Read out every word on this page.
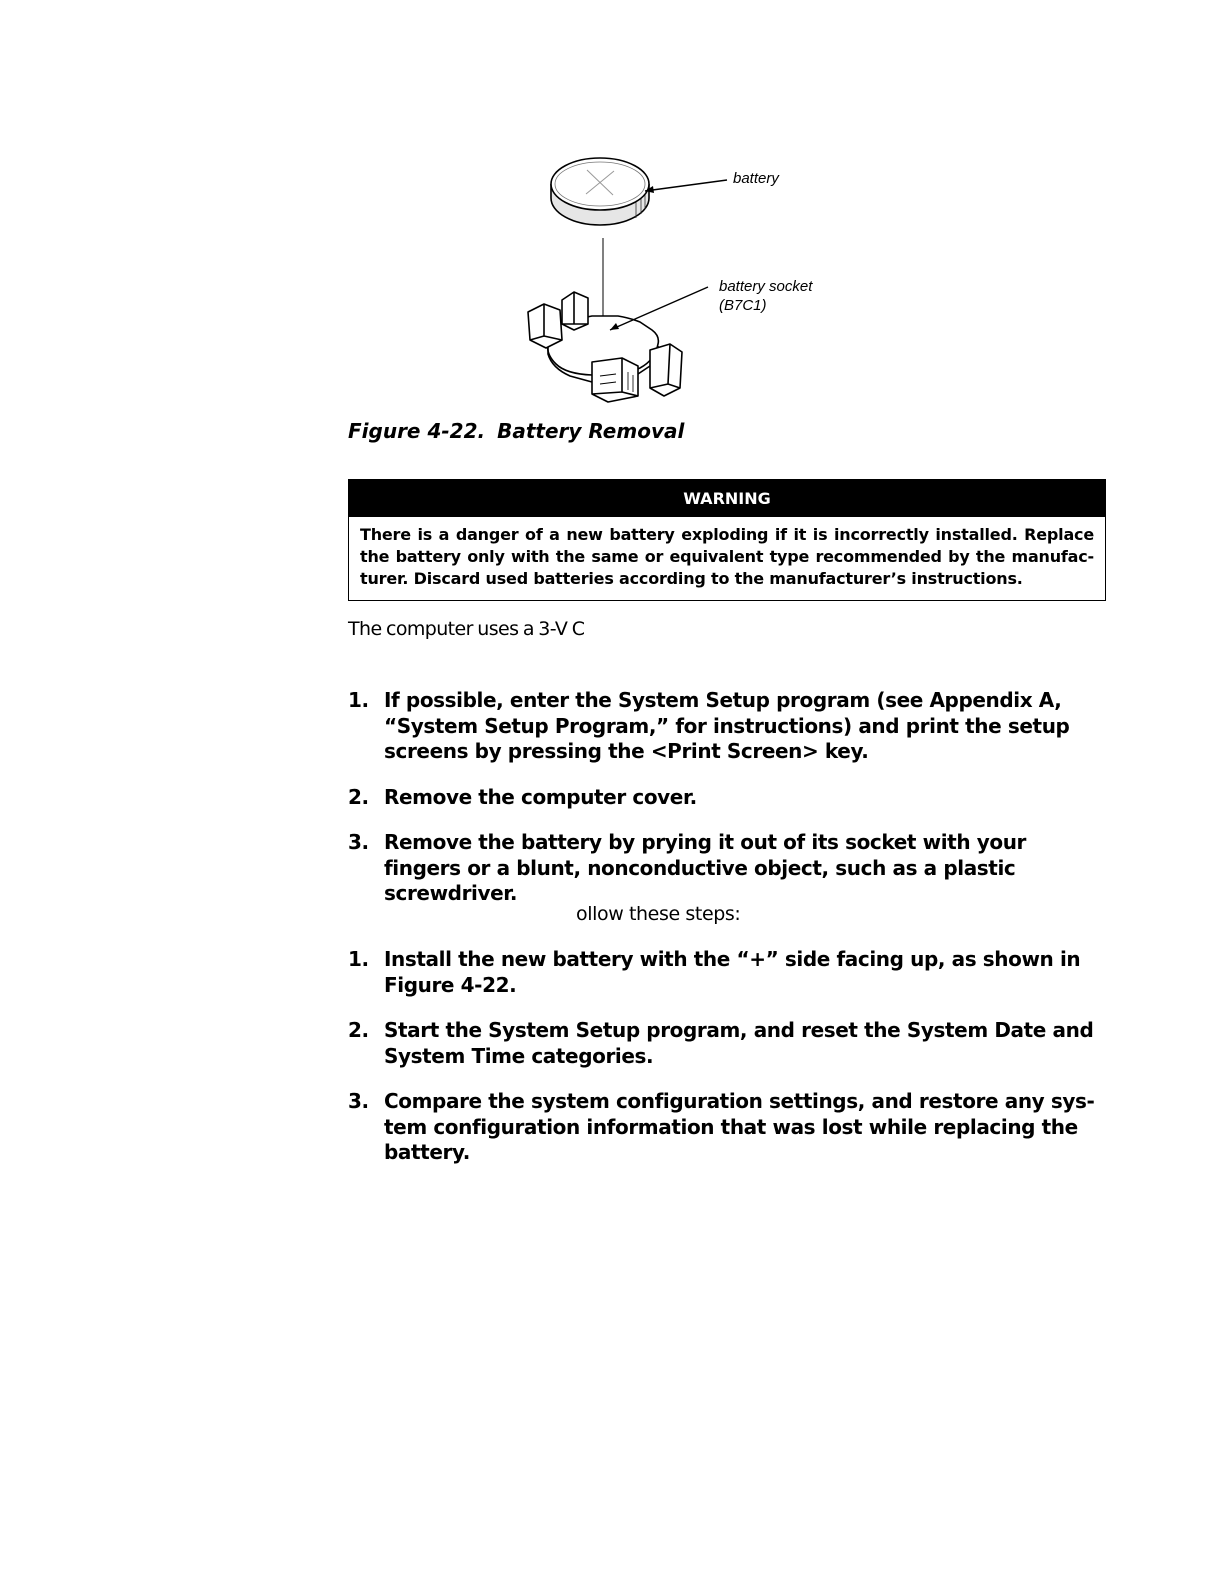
battery
battery socket
(B7C1)
Figure 4-22. Battery Removal
WARNING
There is a danger of a new battery exploding if it is incorrectly installed. Replace the battery only with the same or equivalent type recommended by the manufac-turer. Discard used batteries according to the manufacturer’s instructions.
The computer uses a 3-V C
1. If possible, enter the System Setup program (see Appendix A, “System Setup Program,” for instructions) and print the setup screens by pressing the <Print Screen> key.
2. Remove the computer cover.
3. Remove the battery by prying it out of its socket with your fingers or a blunt, nonconductive object, such as a plastic screwdriver.
ollow these steps:
1. Install the new battery with the “+” side facing up, as shown in Figure 4-22.
2. Start the System Setup program, and reset the System Date and System Time categories.
3. Compare the system configuration settings, and restore any sys-tem configuration information that was lost while replacing the battery.
